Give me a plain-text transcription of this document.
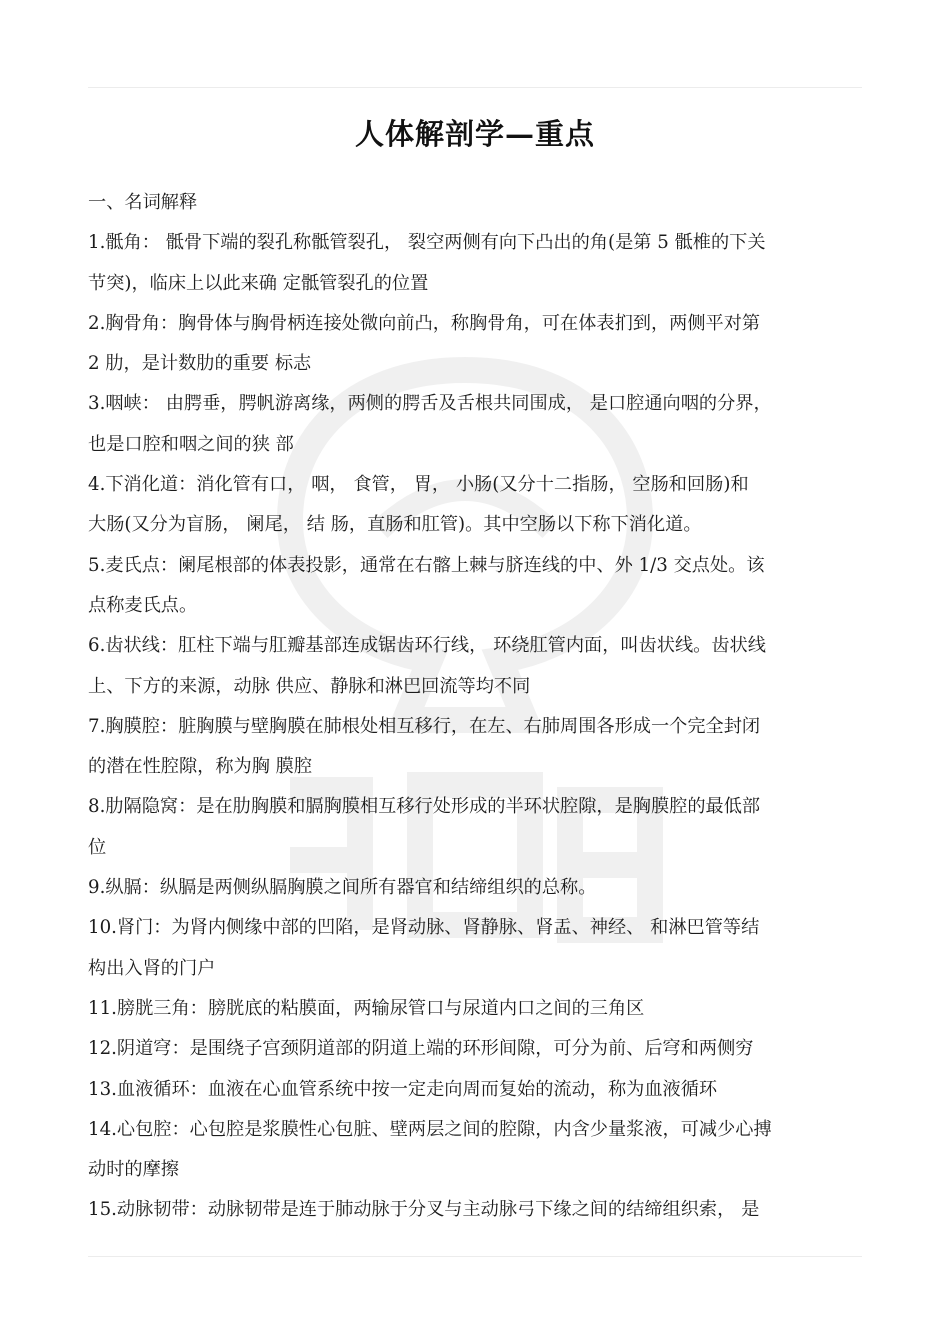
人体解剖学—重点
一、名词解释
1.骶角： 骶骨下端的裂孔称骶管裂孔， 裂空两侧有向下凸出的角(是第 5 骶椎的下关
节突)，临床上以此来确 定骶管裂孔的位置
2.胸骨角：胸骨体与胸骨柄连接处微向前凸，称胸骨角，可在体表扪到，两侧平对第
2 肋，是计数肋的重要 标志
3.咽峡： 由腭垂，腭帆游离缘，两侧的腭舌及舌根共同围成， 是口腔通向咽的分界，
也是口腔和咽之间的狭 部
4.下消化道：消化管有口， 咽， 食管， 胃， 小肠(又分十二指肠， 空肠和回肠)和
大肠(又分为盲肠， 阑尾， 结 肠，直肠和肛管)。其中空肠以下称下消化道。
5.麦氏点：阑尾根部的体表投影，通常在右髂上棘与脐连线的中、外 1/3 交点处。该
点称麦氏点。
6.齿状线：肛柱下端与肛瓣基部连成锯齿环行线， 环绕肛管内面，叫齿状线。齿状线
上、下方的来源，动脉 供应、静脉和淋巴回流等均不同
7.胸膜腔：脏胸膜与壁胸膜在肺根处相互移行，在左、右肺周围各形成一个完全封闭
的潜在性腔隙，称为胸 膜腔
8.肋隔隐窝：是在肋胸膜和膈胸膜相互移行处形成的半环状腔隙，是胸膜腔的最低部
位
9.纵膈：纵膈是两侧纵膈胸膜之间所有器官和结缔组织的总称。
10.肾门：为肾内侧缘中部的凹陷，是肾动脉、肾静脉、肾盂、神经、 和淋巴管等结
构出入肾的门户
11.膀胱三角：膀胱底的粘膜面，两输尿管口与尿道内口之间的三角区
12.阴道穹：是围绕子宫颈阴道部的阴道上端的环形间隙，可分为前、后穹和两侧穷
13.血液循环：血液在心血管系统中按一定走向周而复始的流动，称为血液循环
14.心包腔：心包腔是浆膜性心包脏、壁两层之间的腔隙，内含少量浆液，可减少心搏
动时的摩擦
15.动脉韧带：动脉韧带是连于肺动脉于分叉与主动脉弓下缘之间的结缔组织索， 是
